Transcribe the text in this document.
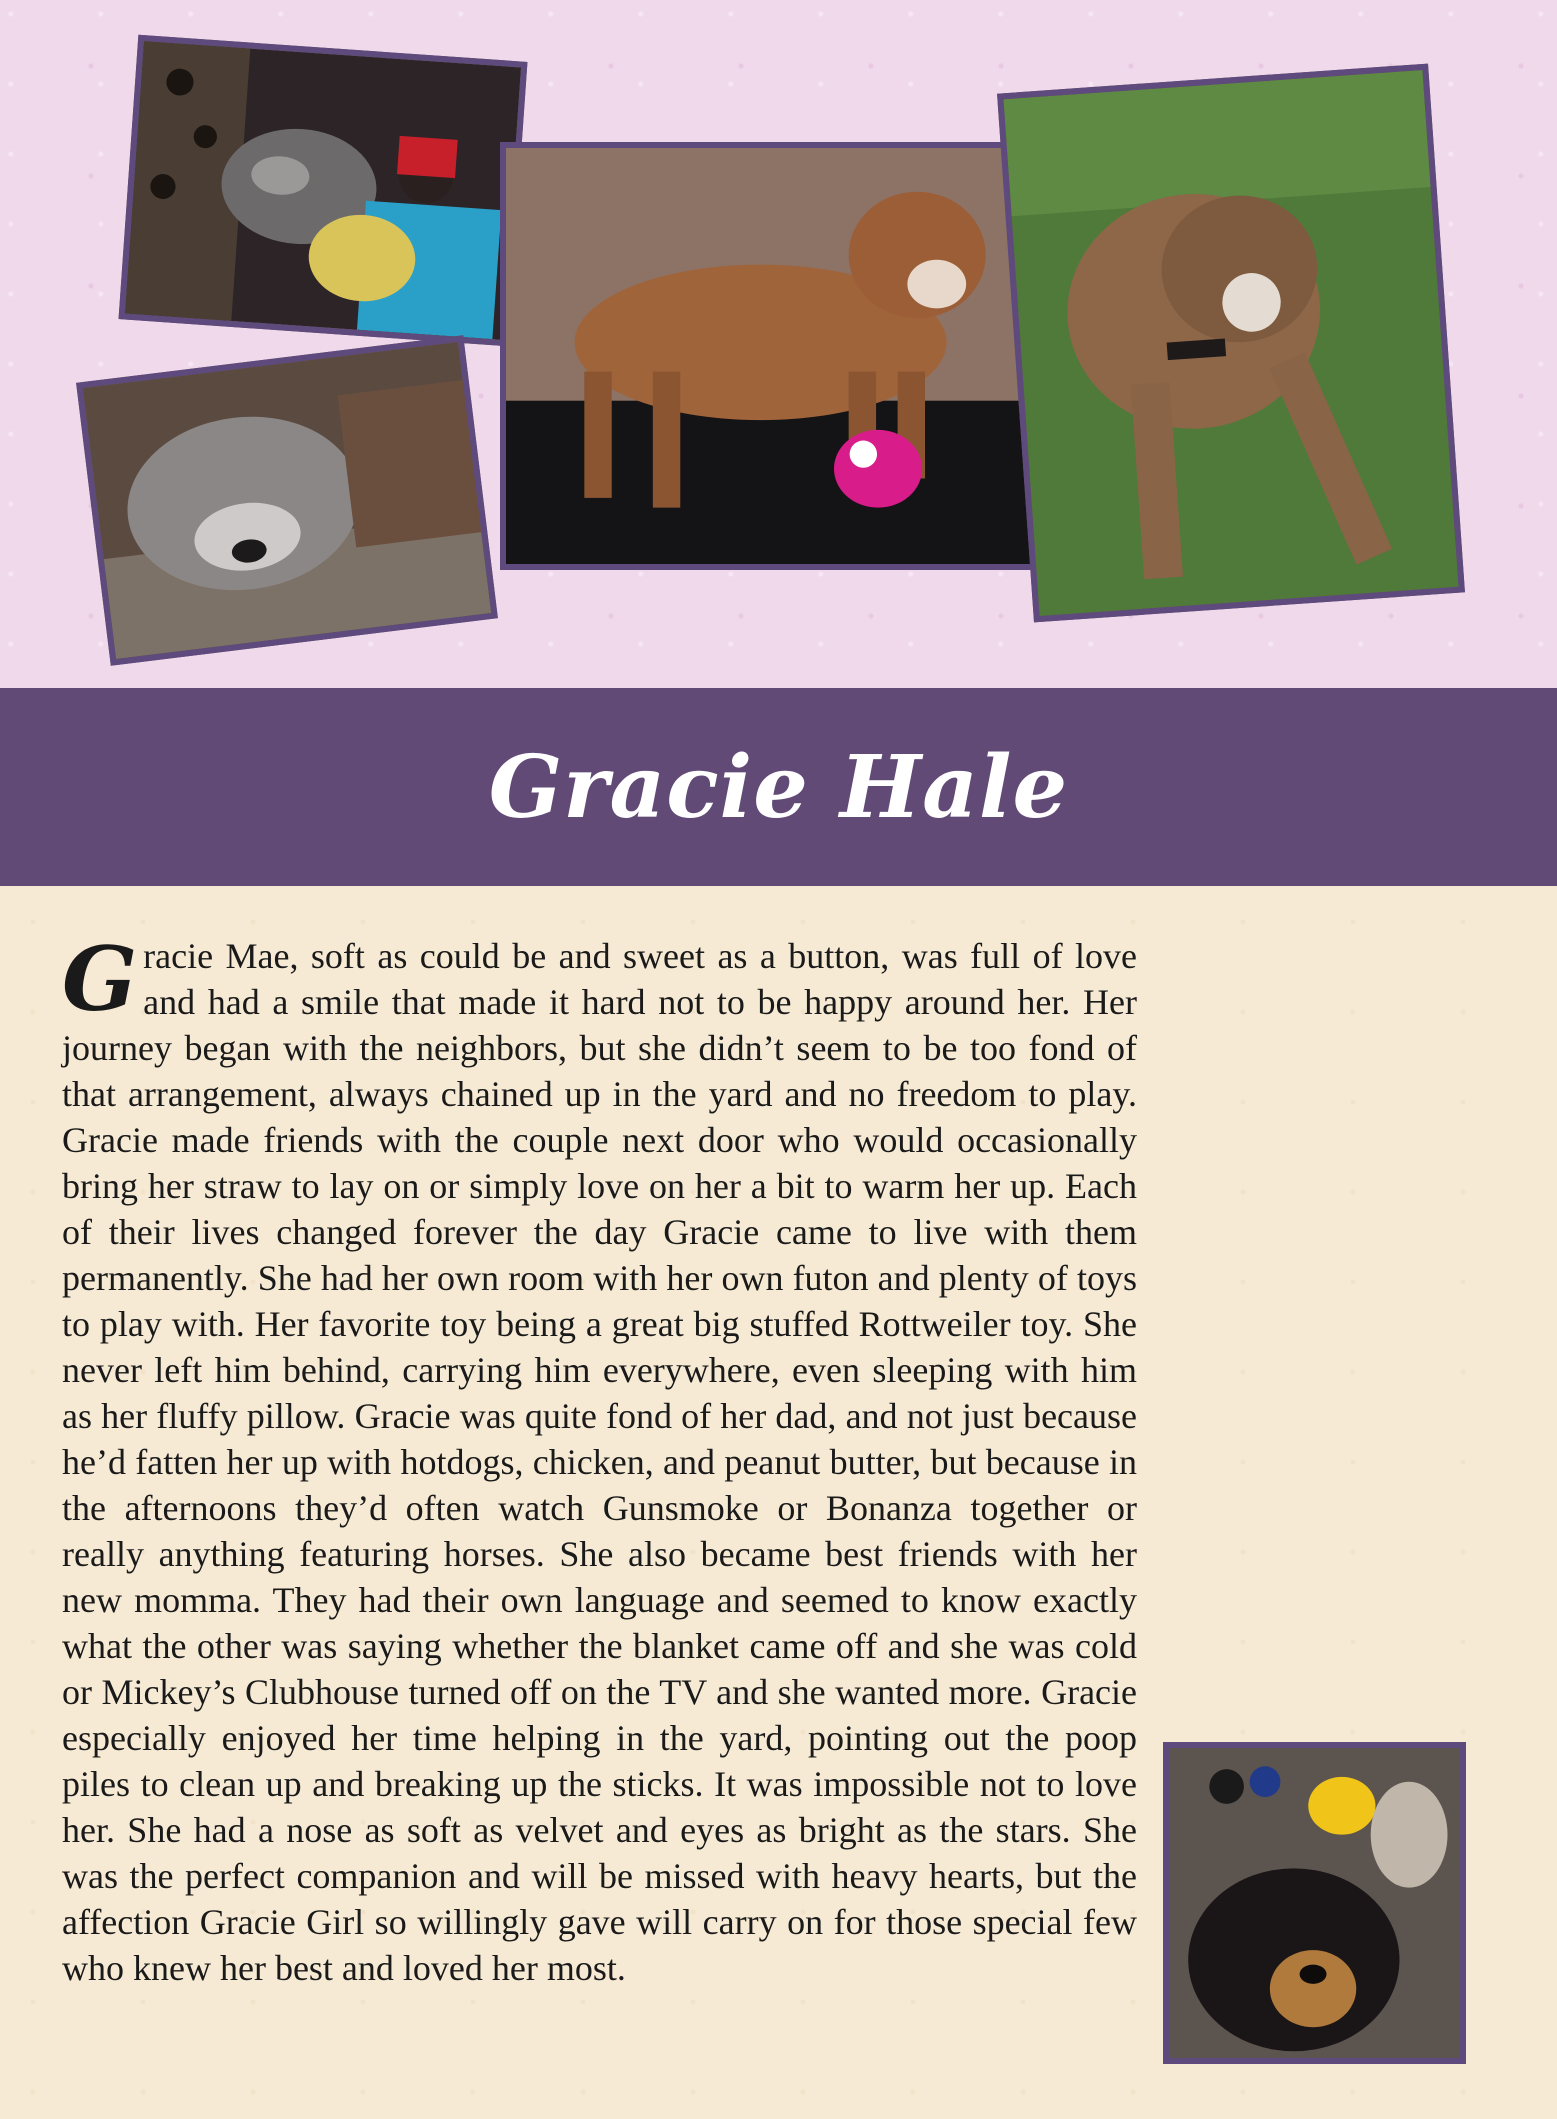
Gracie Hale

G racie Mae, soft as could be and sweet as a button, was full of love and had a smile that made it hard not to be happy around her. Her journey began with the neighbors, but she didn’t seem to be too fond of that arrangement, always chained up in the yard and no freedom to play. Gracie made friends with the couple next door who would occasionally bring her straw to lay on or simply love on her a bit to warm her up. Each of their lives changed forever the day Gracie came to live with them permanently. She had her own room with her own futon and plenty of toys to play with. Her favorite toy being a great big stuffed Rottweiler toy. She never left him behind, carrying him everywhere, even sleeping with him as her fluffy pillow. Gracie was quite fond of her dad, and not just because he’d fatten her up with hotdogs, chicken, and peanut butter, but because in the afternoons they’d often watch Gunsmoke or Bonanza together or really anything featuring horses. She also became best friends with her new momma. They had their own language and seemed to know exactly what the other was saying whether the blanket came off and she was cold or Mickey’s Clubhouse turned off on the TV and she wanted more. Gracie especially enjoyed her time helping in the yard, pointing out the poop piles to clean up and breaking up the sticks. It was impossible not to love her. She had a nose as soft as velvet and eyes as bright as the stars. She was the perfect companion and will be missed with heavy hearts, but the affection Gracie Girl so willingly gave will carry on for those special few who knew her best and loved her most.
